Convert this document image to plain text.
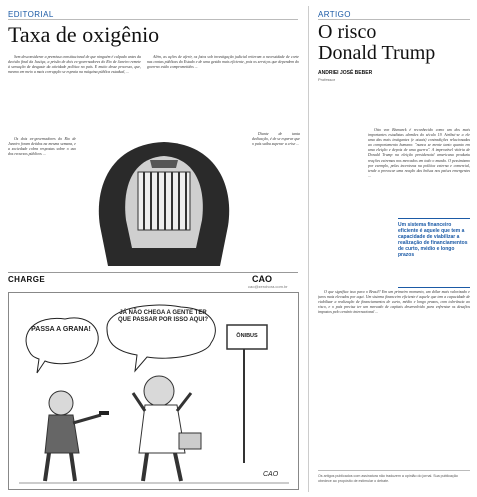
EDITORIAL
Taxa de oxigênio

Sem desconsiderar a premissa constitucional de que ninguém é culpado antes da decisão final da Justiça, a prisão de dois ex-governadores do Rio de Janeiro remete à sensação de desgaste da atividade política no país. E muito desse processo, que, mesmo em meio a mais corrupção se espraia na máquina pública estadual, ...

Além, as ações de aferir, os fatos sob investigação judicial reiteram a necessidade de corte nas contas públicas do Estado e de uma gestão mais eficiente, pois os serviços que dependem do governo estão comprometidos ...

Os dois ex-governadores do Rio de Janeiro foram detidos na mesma semana, e a sociedade cobra respostas sobre o uso dos recursos públicos ...

Diante de tanta dedicação, é de se esperar que o país saiba superar a crise ...

CHARGE	CAO
cao@zerohora.com.br
PASSA A GRANA!
JÁ NÃO CHEGA A GENTE TER QUE PASSAR POR ISSO AQUI?
ÔNIBUS
CAO
ARTIGO
O risco
Donald Trump
ANDRIEI JOSÉ BEBER
Professor

Otto von Bismarck é reconhecido como um dos mais importantes estadistas alemães do século 19. Atribui-se a ele uma das mais instigantes (e atuais) contradições relacionadas ao comportamento humano: "nunca se mente tanto quanto em uma eleição e depois de uma guerra". A improvável vitória de Donald Trump na eleição presidencial americana produziu reações extremas nos mercados em todo o mundo. O pessimismo por exemplo, pelas incertezas na política externa e comercial, tende a provocar uma reação das bolsas nos países emergentes ...

Um sistema financeiro eficiente é aquele que tem a capacidade de viabilizar a realização de financiamentos de curto, médio e longo prazos

O que significa isso para o Brasil? Em um primeiro momento, um dólar mais valorizado e juros mais elevados por aqui. Um sistema financeiro eficiente é aquele que tem a capacidade de viabilizar a realização de financiamentos de curto, médio e longo prazos, com tolerância ao risco, e o país precisa ter um mercado de capitais desenvolvido para enfrentar os desafios impostos pelo cenário internacional ...

Os artigos publicados com assinatura não traduzem a opinião do jornal. Sua publicação obedece ao propósito de estimular o debate.
